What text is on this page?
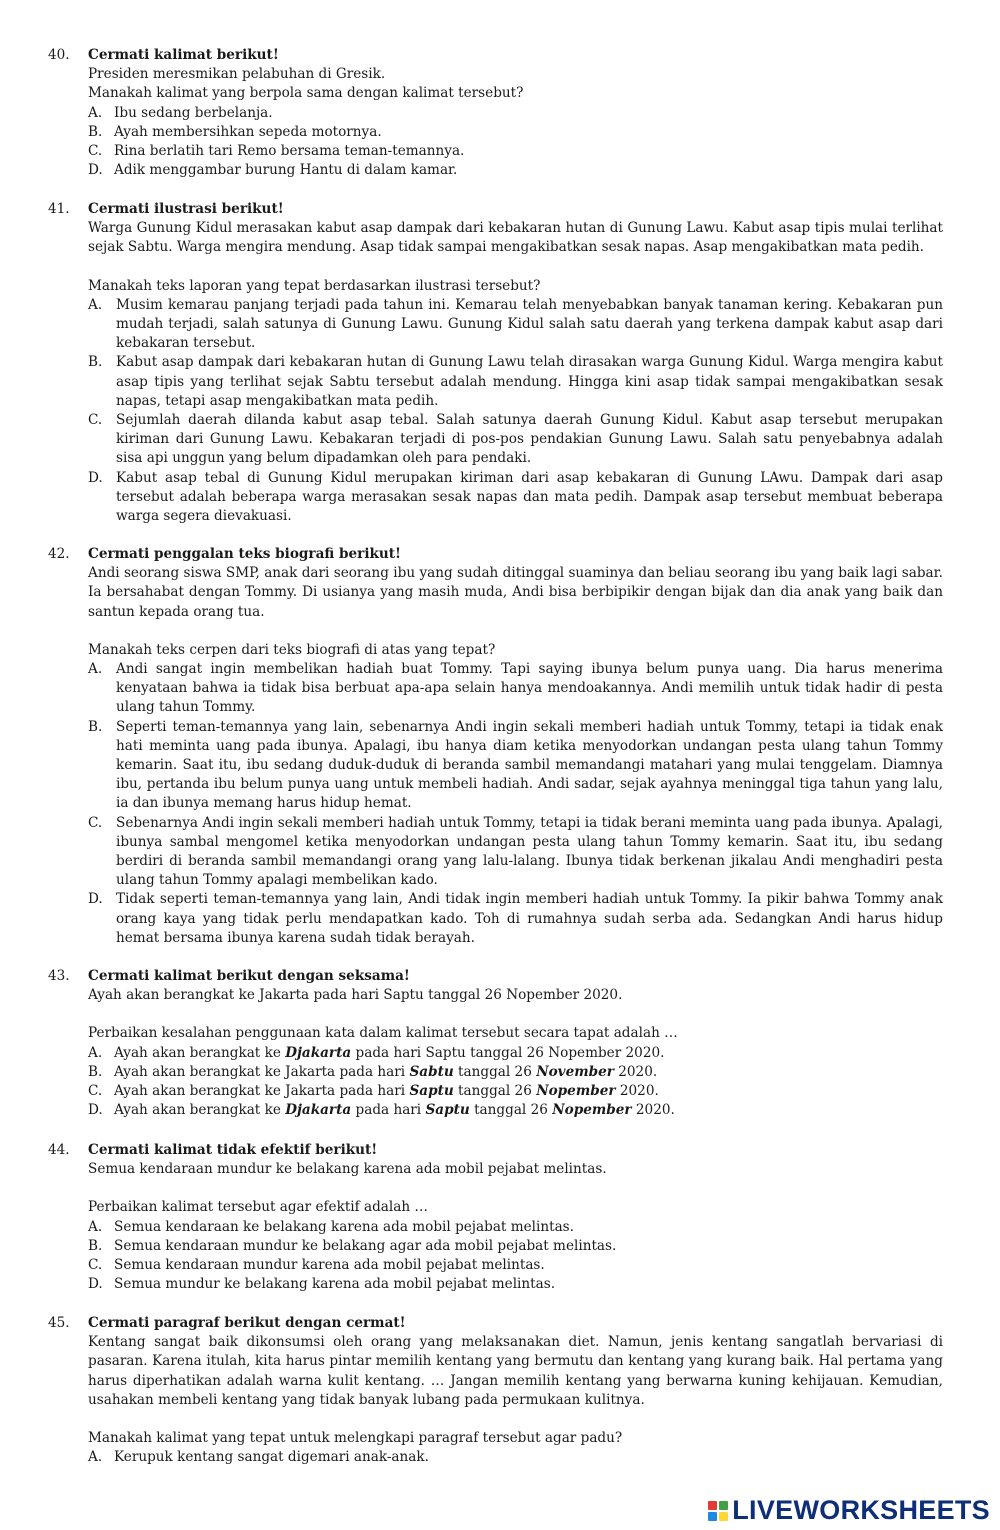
40. Cermati kalimat berikut!
Presiden meresmikan pelabuhan di Gresik.
Manakah kalimat yang berpola sama dengan kalimat tersebut?
A. Ibu sedang berbelanja.
B. Ayah membersihkan sepeda motornya.
C. Rina berlatih tari Remo bersama teman-temannya.
D. Adik menggambar burung Hantu di dalam kamar.
41. Cermati ilustrasi berikut!
Warga Gunung Kidul merasakan kabut asap dampak dari kebakaran hutan di Gunung Lawu. Kabut asap tipis mulai terlihat sejak Sabtu. Warga mengira mendung. Asap tidak sampai mengakibatkan sesak napas. Asap mengakibatkan mata pedih.
Manakah teks laporan yang tepat berdasarkan ilustrasi tersebut?
A.	Musim kemarau panjang terjadi pada tahun ini. Kemarau telah menyebabkan banyak tanaman kering. Kebakaran pun mudah terjadi, salah satunya di Gunung Lawu. Gunung Kidul salah satu daerah yang terkena dampak kabut asap dari kebakaran tersebut.
B.	Kabut asap dampak dari kebakaran hutan di Gunung Lawu telah dirasakan warga Gunung Kidul. Warga mengira kabut asap tipis yang terlihat sejak Sabtu tersebut adalah mendung. Hingga kini asap tidak sampai mengakibatkan sesak napas, tetapi asap mengakibatkan mata pedih.
C.	Sejumlah daerah dilanda kabut asap tebal. Salah satunya daerah Gunung Kidul. Kabut asap tersebut merupakan kiriman dari Gunung Lawu. Kebakaran terjadi di pos-pos pendakian Gunung Lawu. Salah satu penyebabnya adalah sisa api unggun yang belum dipadamkan oleh para pendaki.
D. Kabut asap tebal di Gunung Kidul merupakan kiriman dari asap kebakaran di Gunung LAwu. Dampak dari asap tersebut adalah beberapa warga merasakan sesak napas dan mata pedih. Dampak asap tersebut membuat beberapa warga segera dievakuasi.
42. Cermati penggalan teks biografi berikut!
Andi seorang siswa SMP, anak dari seorang ibu yang sudah ditinggal suaminya dan beliau seorang ibu yang baik lagi sabar. Ia bersahabat dengan Tommy. Di usianya yang masih muda, Andi bisa berbipikir dengan bijak dan dia anak yang baik dan santun kepada orang tua.
Manakah teks cerpen dari teks biografi di atas yang tepat?
A.	Andi sangat ingin membelikan hadiah buat Tommy. Tapi saying ibunya belum punya uang. Dia harus menerima kenyataan bahwa ia tidak bisa berbuat apa-apa selain hanya mendoakannya. Andi memilih untuk tidak hadir di pesta ulang tahun Tommy.
B.	Seperti teman-temannya yang lain, sebenarnya Andi ingin sekali memberi hadiah untuk Tommy, tetapi ia tidak enak hati meminta uang pada ibunya. Apalagi, ibu hanya diam ketika menyodorkan undangan pesta ulang tahun Tommy kemarin. Saat itu, ibu sedang duduk-duduk di beranda sambil memandangi matahari yang mulai tenggelam. Diamnya ibu, pertanda ibu belum punya uang untuk membeli hadiah. Andi sadar, sejak ayahnya meninggal tiga tahun yang lalu, ia dan ibunya memang harus hidup hemat.
C.	Sebenarnya Andi ingin sekali memberi hadiah untuk Tommy, tetapi ia tidak berani meminta uang pada ibunya. Apalagi, ibunya sambal mengomel ketika menyodorkan undangan pesta ulang tahun Tommy kemarin. Saat itu, ibu sedang berdiri di beranda sambil memandangi orang yang lalu-lalang. Ibunya tidak berkenan jikalau Andi menghadiri pesta ulang tahun Tommy apalagi membelikan kado.
D. Tidak seperti teman-temannya yang lain, Andi tidak ingin memberi hadiah untuk Tommy. Ia pikir bahwa Tommy anak orang kaya yang tidak perlu mendapatkan kado. Toh di rumahnya sudah serba ada. Sedangkan Andi harus hidup hemat bersama ibunya karena sudah tidak berayah.
43. Cermati kalimat berikut dengan seksama!
Ayah akan berangkat ke Jakarta pada hari Saptu tanggal 26 Nopember 2020.
Perbaikan kesalahan penggunaan kata dalam kalimat tersebut secara tapat adalah …
A. Ayah akan berangkat ke Djakarta pada hari Saptu tanggal 26 Nopember 2020.
B. Ayah akan berangkat ke Jakarta pada hari Sabtu tanggal 26 November 2020.
C. Ayah akan berangkat ke Jakarta pada hari Saptu tanggal 26 Nopember 2020.
D. Ayah akan berangkat ke Djakarta pada hari Saptu tanggal 26 Nopember 2020.
44. Cermati kalimat tidak efektif berikut!
Semua kendaraan mundur ke belakang karena ada mobil pejabat melintas.
Perbaikan kalimat tersebut agar efektif adalah …
A. Semua kendaraan ke belakang karena ada mobil pejabat melintas.
B. Semua kendaraan mundur ke belakang agar ada mobil pejabat melintas.
C. Semua kendaraan mundur karena ada mobil pejabat melintas.
D. Semua mundur ke belakang karena ada mobil pejabat melintas.
45. Cermati paragraf berikut dengan cermat!
Kentang sangat baik dikonsumsi oleh orang yang melaksanakan diet. Namun, jenis kentang sangatlah bervariasi di pasaran. Karena itulah, kita harus pintar memilih kentang yang bermutu dan kentang yang kurang baik. Hal pertama yang harus diperhatikan adalah warna kulit kentang. … Jangan memilih kentang yang berwarna kuning kehijauan. Kemudian, usahakan membeli kentang yang tidak banyak lubang pada permukaan kulitnya.
Manakah kalimat yang tepat untuk melengkapi paragraf tersebut agar padu?
A. Kerupuk kentang sangat digemari anak-anak.
LIVEWORKSHEETS
